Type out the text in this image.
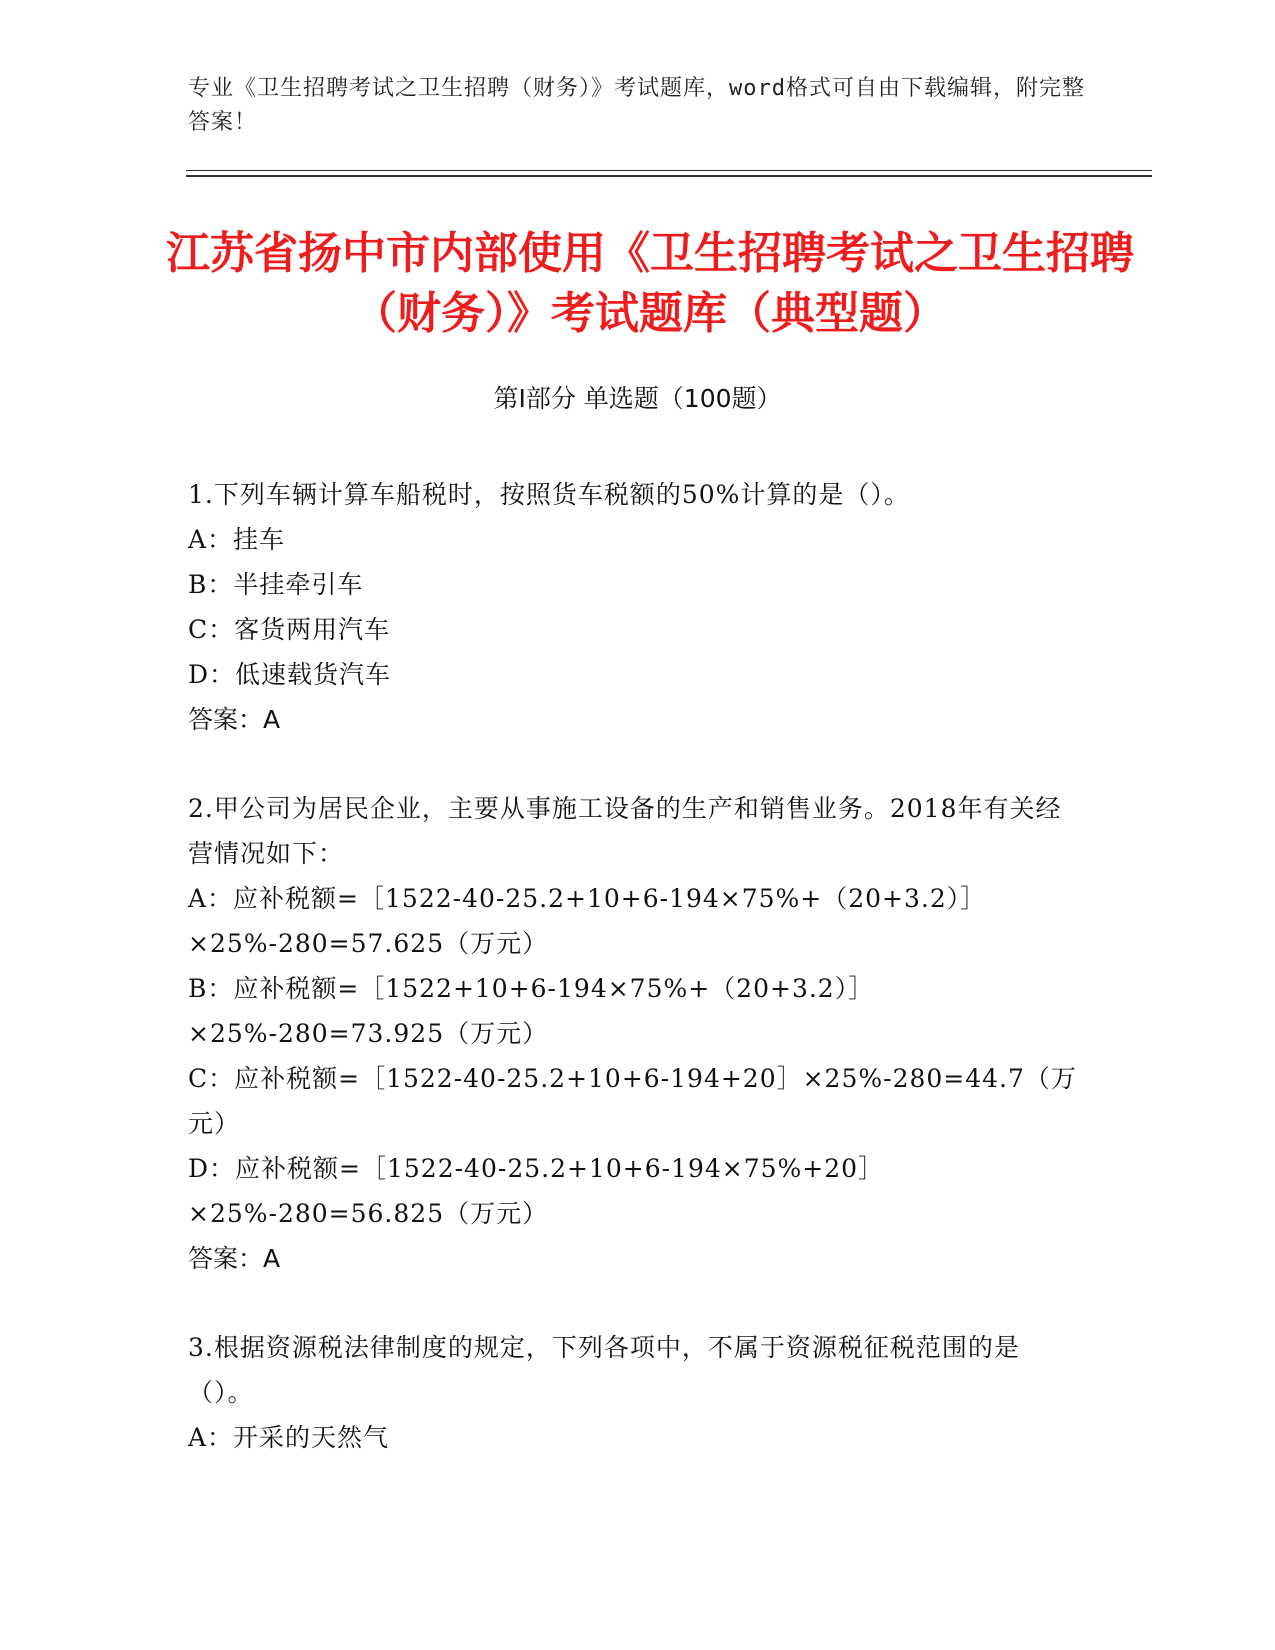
专业《卫生招聘考试之卫生招聘（财务）》考试题库，word格式可自由下载编辑，附完整答案！
江苏省扬中市内部使用《卫生招聘考试之卫生招聘（财务）》考试题库（典型题）
第I部分 单选题（100题）
1.下列车辆计算车船税时，按照货车税额的50%计算的是（）。
A：挂车
B：半挂牵引车
C：客货两用汽车
D：低速载货汽车
答案：A
2.甲公司为居民企业，主要从事施工设备的生产和销售业务。2018年有关经营情况如下：
A：应补税额=［1522-40-25.2+10+6-194×75%+（20+3.2）］×25%-280=57.625（万元）
B：应补税额=［1522+10+6-194×75%+（20+3.2）］×25%-280=73.925（万元）
C：应补税额=［1522-40-25.2+10+6-194+20］×25%-280=44.7（万元）
D：应补税额=［1522-40-25.2+10+6-194×75%+20］×25%-280=56.825（万元）
答案：A
3.根据资源税法律制度的规定，下列各项中，不属于资源税征税范围的是（）。
A：开采的天然气
